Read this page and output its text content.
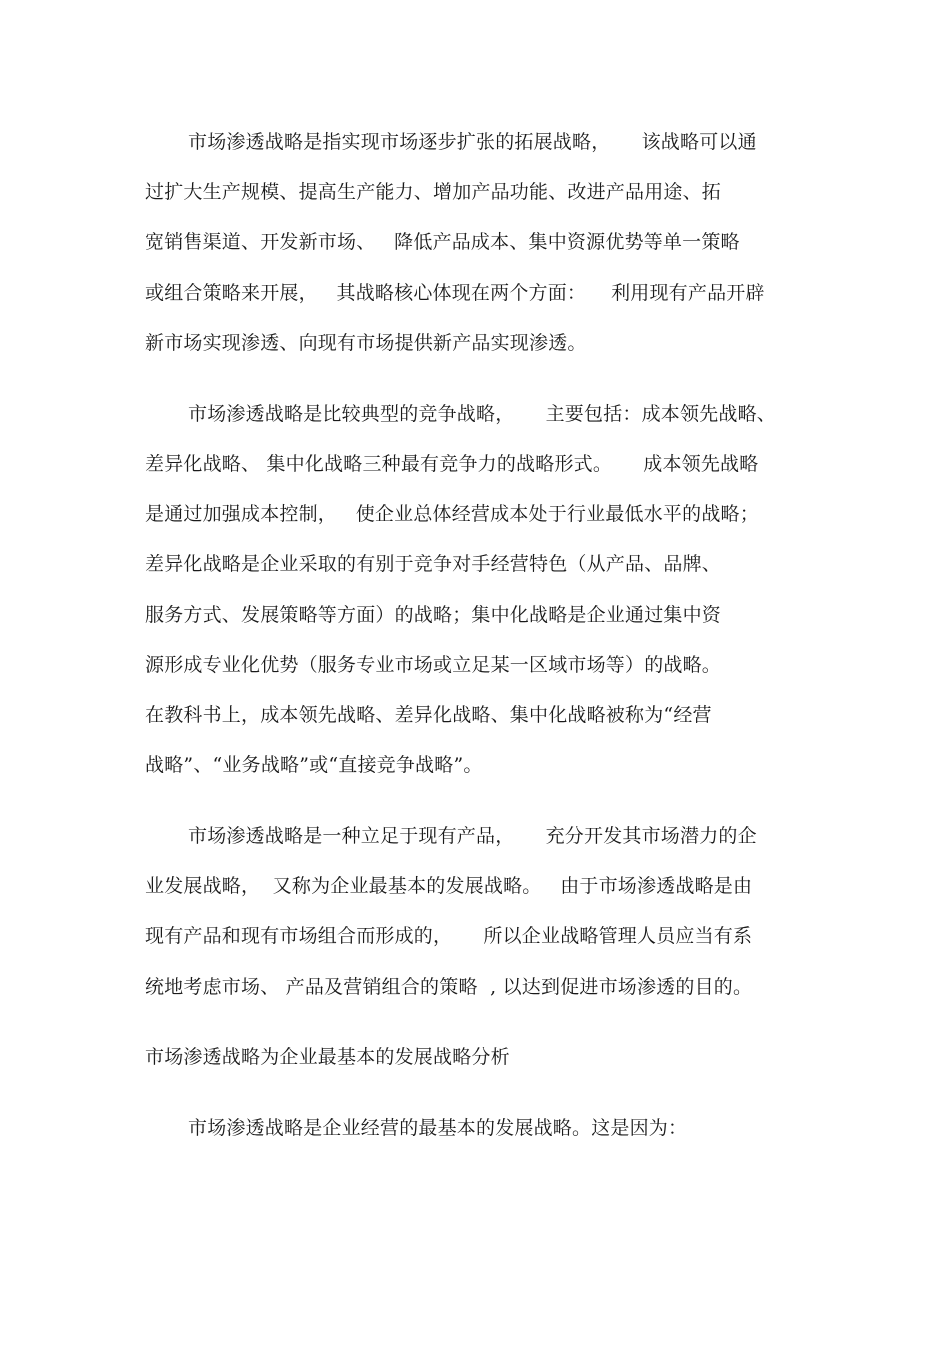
市场渗透战略是指实现市场逐步扩张的拓展战略，     该战略可以通
过扩大生产规模、提高生产能力、增加产品功能、改进产品用途、拓
宽销售渠道、开发新市场、   降低产品成本、集中资源优势等单一策略
或组合策略来开展，   其战略核心体现在两个方面：    利用现有产品开辟
新市场实现渗透、向现有市场提供新产品实现渗透。
市场渗透战略是比较典型的竞争战略，     主要包括：成本领先战略、
差异化战略、 集中化战略三种最有竞争力的战略形式。     成本领先战略
是通过加强成本控制，   使企业总体经营成本处于行业最低水平的战略；
差异化战略是企业采取的有别于竞争对手经营特色（从产品、品牌、
服务方式、发展策略等方面）的战略；集中化战略是企业通过集中资
源形成专业化优势（服务专业市场或立足某一区域市场等）的战略。
在教科书上，成本领先战略、差异化战略、集中化战略被称为“经营
战略”、“业务战略”或“直接竞争战略”。
市场渗透战略是一种立足于现有产品，     充分开发其市场潜力的企
业发展战略，  又称为企业最基本的发展战略。   由于市场渗透战略是由
现有产品和现有市场组合而形成的，     所以企业战略管理人员应当有系
统地考虑市场、 产品及营销组合的策略  , 以达到促进市场渗透的目的。
市场渗透战略为企业最基本的发展战略分析
市场渗透战略是企业经营的最基本的发展战略。这是因为：
